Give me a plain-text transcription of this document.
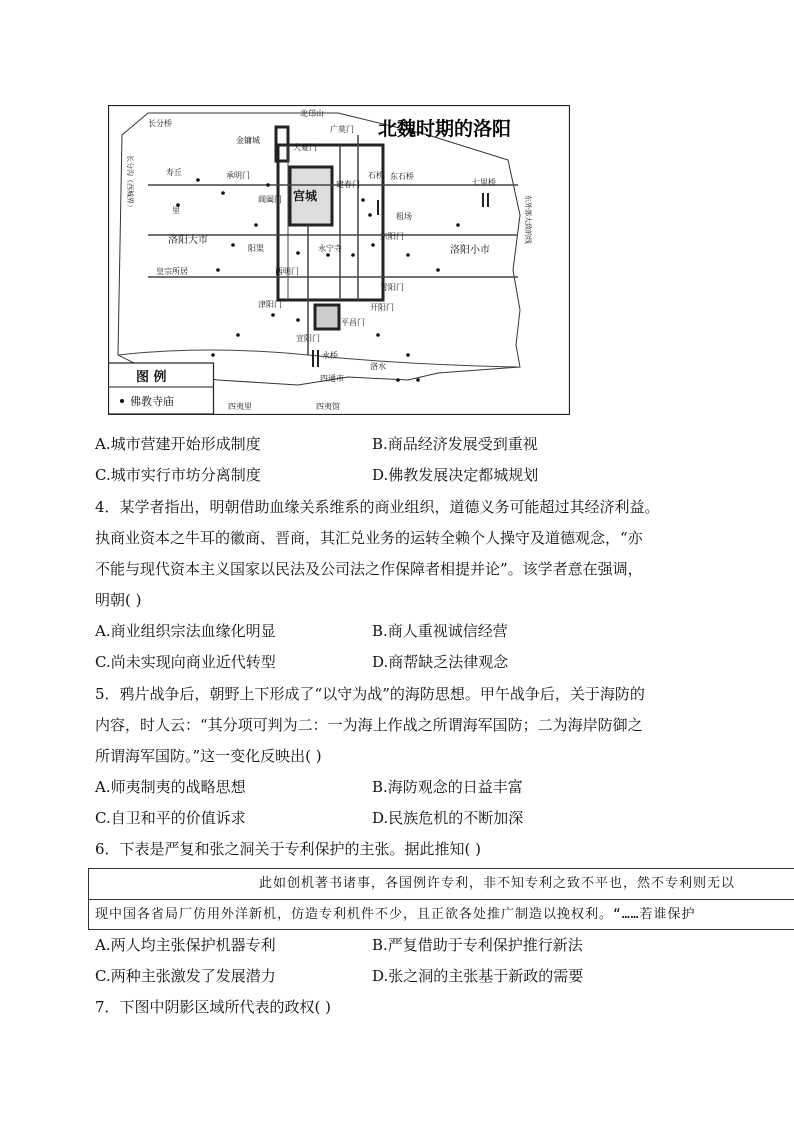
北魏时期的洛阳
北邙山
长分桥
金镛城
广莫门
大夏门
寿丘	承明门
建春门
石桥 东石桥
七里桥
宫城
阊阖门
租场
里
洛阳大市
阳渠	永宁寺
东阳门
洛阳小市
皇宗所居	西明门
青阳门
津阳门	开阳门
宣阳门
平昌门
永桥
洛水
四通市
四夷里	四夷馆
长分沟（西城界）
东外郭大致的线
图 例
佛教寺庙
A.城市营建开始形成制度	B.商品经济发展受到重视
C.城市实行市坊分离制度	D.佛教发展决定都城规划
4．某学者指出，明朝借助血缘关系维系的商业组织，道德义务可能超过其经济利益。
执商业资本之牛耳的徽商、晋商，其汇兑业务的运转全赖个人操守及道德观念，“亦
不能与现代资本主义国家以民法及公司法之作保障者相提并论”。该学者意在强调，
明朝( )
A.商业组织宗法血缘化明显	B.商人重视诚信经营
C.尚未实现向商业近代转型	D.商帮缺乏法律观念
5．鸦片战争后，朝野上下形成了“以守为战”的海防思想。甲午战争后，关于海防的
内容，时人云：“其分项可判为二：一为海上作战之所谓海军国防；二为海岸防御之
所谓海军国防。”这一变化反映出( )
A.师夷制夷的战略思想	B.海防观念的日益丰富
C.自卫和平的价值诉求	D.民族危机的不断加深
6．下表是严复和张之洞关于专利保护的主张。据此推知( )
此如创机著书诸事，各国例许专利，非不知专利之致不平也，然不专利则无以
现中国各省局厂仿用外洋新机，仿造专利机件不少，且正欲各处推广制造以挽权利。“……若谁保护
A.两人均主张保护机器专利	B.严复借助于专利保护推行新法
C.两种主张激发了发展潜力	D.张之洞的主张基于新政的需要
7．下图中阴影区域所代表的政权( )
